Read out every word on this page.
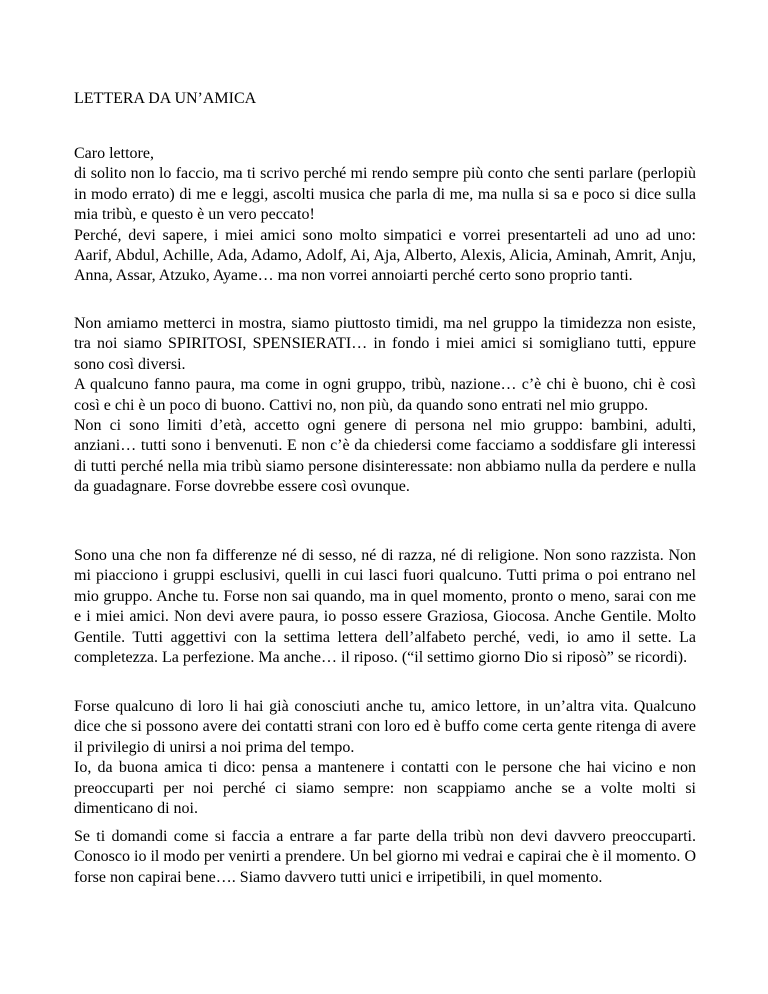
LETTERA DA UN’AMICA

Caro lettore,

di solito non lo faccio, ma ti scrivo perché mi rendo sempre più conto che senti parlare (perlopiù in modo errato) di me e leggi, ascolti musica che parla di me, ma nulla si sa e poco si dice sulla mia tribù, e questo è un vero peccato!

Perché, devi sapere, i miei amici sono molto simpatici e vorrei presentarteli ad uno ad uno: Aarif, Abdul, Achille, Ada, Adamo, Adolf, Ai, Aja, Alberto, Alexis, Alicia, Aminah, Amrit, Anju, Anna, Assar, Atzuko, Ayame… ma non vorrei annoiarti perché certo sono proprio tanti.

Non amiamo metterci in mostra, siamo piuttosto timidi, ma nel gruppo la timidezza non esiste, tra noi siamo SPIRITOSI, SPENSIERATI… in fondo i miei amici si somigliano tutti, eppure sono così diversi.

A qualcuno fanno paura, ma come in ogni gruppo, tribù, nazione… c’è chi è buono, chi è così così e chi è un poco di buono. Cattivi no, non più, da quando sono entrati nel mio gruppo.

Non ci sono limiti d’età, accetto ogni genere di persona nel mio gruppo: bambini, adulti, anziani… tutti sono i benvenuti. E non c’è da chiedersi come facciamo a soddisfare gli interessi di tutti perché nella mia tribù siamo persone disinteressate: non abbiamo nulla da perdere e nulla da guadagnare. Forse dovrebbe essere così ovunque.

Sono una che non fa differenze né di sesso, né di razza, né di religione. Non sono razzista. Non mi piacciono i gruppi esclusivi, quelli in cui lasci fuori qualcuno. Tutti prima o poi entrano nel mio gruppo. Anche tu. Forse non sai quando, ma in quel momento, pronto o meno, sarai con me e i miei amici. Non devi avere paura, io posso essere Graziosa, Giocosa. Anche Gentile. Molto Gentile. Tutti aggettivi con la settima lettera dell’alfabeto perché, vedi, io amo il sette. La completezza. La perfezione. Ma anche… il riposo. (“il settimo giorno Dio si riposò” se ricordi).

Forse qualcuno di loro li hai già conosciuti anche tu, amico lettore, in un’altra vita. Qualcuno dice che si possono avere dei contatti strani con loro ed è buffo come certa gente ritenga di avere il privilegio di unirsi a noi prima del tempo.

Io, da buona amica ti dico: pensa a mantenere i contatti con le persone che hai vicino e non preoccuparti per noi perché ci siamo sempre: non scappiamo anche se a volte molti si dimenticano di noi.

Se ti domandi come si faccia a entrare a far parte della tribù non devi davvero preoccuparti. Conosco io il modo per venirti a prendere. Un bel giorno mi vedrai e capirai che è il momento. O forse non capirai bene…. Siamo davvero tutti unici e irripetibili, in quel momento.
